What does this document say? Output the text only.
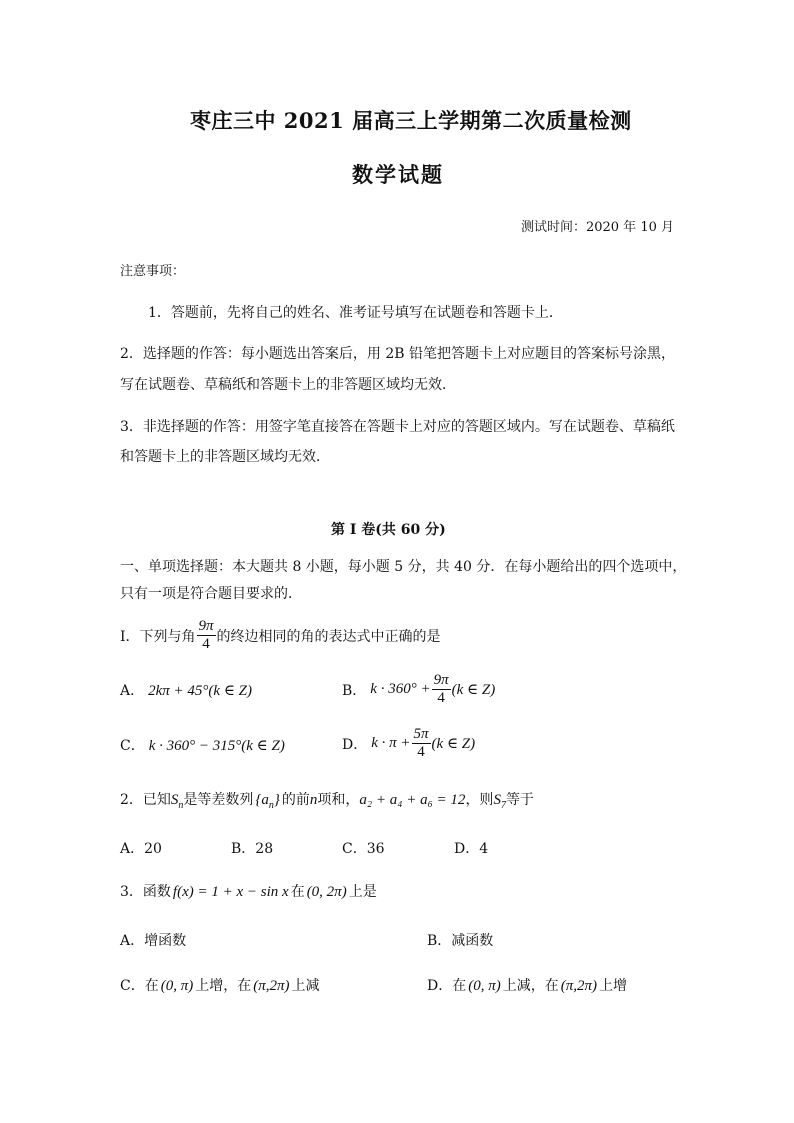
枣庄三中 2021 届高三上学期第二次质量检测
数学试题
测试时间：2020 年 10 月
注意事项：
1．答题前，先将自己的姓名、准考证号填写在试题卷和答题卡上．
2．选择题的作答：每小题选出答案后，用 2B 铅笔把答题卡上对应题目的答案标号涂黑，
写在试题卷、草稿纸和答题卡上的非答题区域均无效．
3．非选择题的作答：用签字笔直接答在答题卡上对应的答题区域内。写在试题卷、草稿纸
和答题卡上的非答题区域均无效．
第 I 卷(共 60 分)
一、单项选择题：本大题共 8 小题，每小题 5 分，共 40 分．在每小题给出的四个选项中，
只有一项是符合题目要求的．
I．下列与角 $\frac{9\pi}{4}$ 的终边相同的角的表达式中正确的是
A． 2kπ + 45°(k ∈ Z)	B． $k \cdot 360^\circ + \frac{9\pi}{4} (k$ ∈ Z)
C． k · 360° − 315°(k ∈ Z)	D． $k \cdot \pi + \frac{5\pi}{4} (k$ ∈ Z)
2．已知 $S_n$ 是等差数列 $\{a_n\}$ 的前 n 项和， a₂ + a₄ + a₆ = 12 ，则 $S_7$ 等于
A．20	B．28	C．36	D．4
3．函数 f(x) = 1 + x − sin x 在 (0, 2π) 上是
A．增函数	B．减函数
C．在 (0, π) 上增，在 (π,2π) 上减	D．在 (0, π) 上减，在 (π,2π) 上增
